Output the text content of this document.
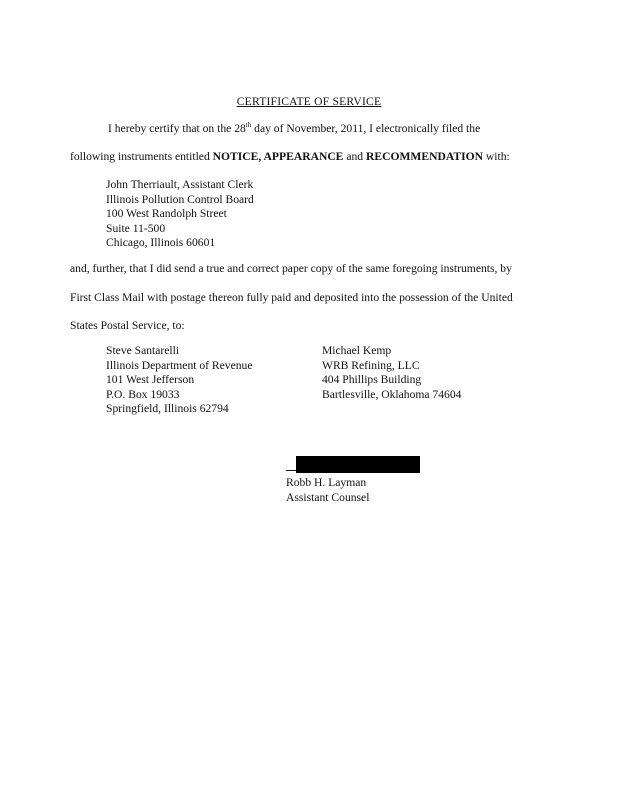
CERTIFICATE OF SERVICE
I hereby certify that on the 28th day of November, 2011, I electronically filed the
following instruments entitled NOTICE, APPEARANCE and RECOMMENDATION with:
John Therriault, Assistant Clerk
Illinois Pollution Control Board
100 West Randolph Street
Suite 11-500
Chicago, Illinois 60601
and, further, that I did send a true and correct paper copy of the same foregoing instruments, by
First Class Mail with postage thereon fully paid and deposited into the possession of the United
States Postal Service, to:
Steve Santarelli
Illinois Department of Revenue
101 West Jefferson
P.O. Box 19033
Springfield, Illinois 62794
Michael Kemp
WRB Refining, LLC
404 Phillips Building
Bartlesville, Oklahoma 74604
Robb H. Layman
Assistant Counsel
